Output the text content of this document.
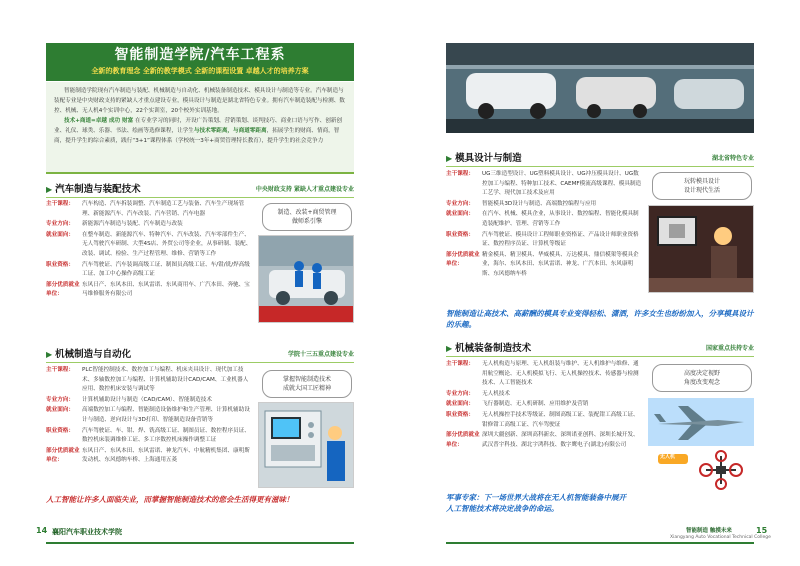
智能制造学院/汽车工程系
全新的教育理念 全新的教学模式 全新的课程设置 卓越人才的培养方案

智能制造学院现有汽车制造与装配、机械制造与自动化、机械装备制造技术、模具设计与制造等专业。汽车制造与装配专业是中央财政支持的紧缺人才重点建设专业，模具设计与制造是湖北省特色专业。拥有汽车制造装配与检测、数控、机械、无人机4个实训中心，22个实训室，20个校外实训基地。

技术+商道=卓越 成功 财富 在专业学习的同时，开设广告策划、营销策划、谈判技巧、商业口语与写作、创新创业、礼仪、球类、乐器、书法、绘画等选修课程，让学生与技术零距离，与商道零距离，拓展学生的财商、情商，智商，提升学生的综合素质，践行“3+1”课程体系（学校统一3年+商贸管理特长教育），提升学生的社会竞争力

▶ 汽车制造与装配技术	中央财政支持 紧缺人才重点建设专业
主干课程：	汽车构造、汽车拆装调整、汽车制造工艺与装备、汽车生产现场管理、新能源汽车、汽车改装、汽车营销、汽车电器
专业方向：	新能源汽车制造与装配、汽车制造与改装
就业面向：	在整车制造、新能源汽车、特种汽车、汽车改装、汽车零部件生产、无人驾驶汽车研制、大型4S店、外贸公司等企业，从事研制、装配、改装、调试、检验、生产过程管理、维修、营销等工作
职业资格：	汽车驾驶证、汽车装调高级工证、制图员高级工证、车/钳/铣/焊高级工证、加工中心操作高级工证
部分优质就业单位：
东风日产、东风本田、东风雷诺、东风商用车、广汽本田、奔驰、宝马维修服务有限公司
制造、改装+商贸管理
做师系引擎
▶ 机械制造与自动化	学院十三五重点建设专业
主干课程：	PLC智能控制技术、数控加工与编程、机床夹具设计、现代加工技术、多轴数控加工与编程、计算机辅助设计CAD/CAM、工业机器人应用、数控机床安装与调试等
专业方向：	计算机辅助设计与制造（CAD/CAM）、智能制造技术
就业面向：	高端数控加工与编程、智能制造设备维护和生产管理、计算机辅助设计与制造、逆向设计与3D打印、智能制造设备营销等
职业资格：	汽车驾驶证、车、钳、焊、铣高级工证、制图员证、数控程序员证、数控机床装调维修工证、多工序数控机床操作调整工证
部分优质就业单位：
东风日产、东风本田、东风雷诺、神龙汽车、中航精机集团、康明斯发动机、东风德纳车桥、上海通用五菱
掌握智能制造技术
成就大国工匠精神
人工智能让许多人面临失业，而掌握智能制造技术的您会生活得更有滋味！
14 襄阳汽车职业技术学院
▶ 模具设计与制造	湖北省特色专业
主干课程：	UG三维造型设计、UG塑料模具设计、UG冲压模具设计、UG数控加工与编程、特种加工技术、CAEMF模流高级课程、模具制造工艺学、现代加工技术及应用
专业方向：	智能模具3D设计与制造、高端数控编程与应用
就业面向：	在汽车、机械、模具企业，从事设计、数控编程、智能化模具制造装配维护、管理、营销等工作
职业资格：	汽车驾驶证、模具设计工程师职业资格证、产品设计师职业资格证、数控程序员证、计算机等级证
部分优质就业单位：
精金模具、精卫模具、华威模具、万达模具、鼎信模架等模具企业，海尔、东风本田、东风雷诺、神龙、广汽本田、东风康明斯、东风德纳车桥
玩转模具设计
设计现代生活
智能制造让高技术、高薪酬的模具专业变得轻松、潇洒，许多女生也纷纷加入，分享模具设计的乐趣。
▶ 机械装备制造技术	国家重点扶持专业
主干课程：	无人机构造与原理、无人机组装与维护、无人机维护与维修、通用航空概论、无人机模拟飞行、无人机操控技术、传感器与检测技术、人工智能技术
专业方向：	无人机技术
就业面向：	飞行器制造、无人机研制、应用维护及营销
职业资格：	无人机操控手技术等级证、制图高级工证、装配钳工高级工证、钳修钳工高级工证、汽车驾驶证
部分优质就业单位：
深圳大疆创新、深圳高科新农、深圳诺亚创科、深圳长城开发、武汉普宇科技、湖北宇鸿科技、数字鹰电子(湖北)有限公司
高度决定视野
角度改变观念
无人机
军事专家：下一场世界大战将在无人机智能装备中展开
人工智能技术将决定战争的命运。
智能制造 触摸未来
Xiangyang Auto Vocational Technical College
15
